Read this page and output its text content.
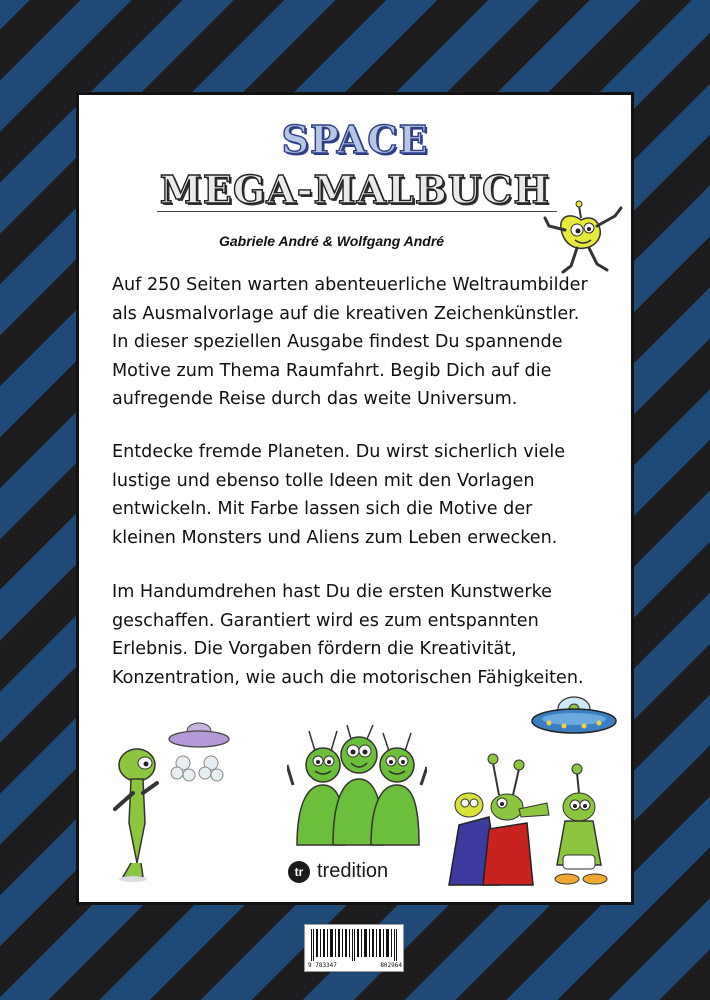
SPACE
MEGA-MALBUCH
Gabriele André & Wolfgang André

Auf 250 Seiten warten abenteuerliche Weltraumbilder
als Ausmalvorlage auf die kreativen Zeichenkünstler.
In dieser speziellen Ausgabe findest Du spannende
Motive zum Thema Raumfahrt. Begib Dich auf die
aufregende Reise durch das weite Universum.

Entdecke fremde Planeten. Du wirst sicherlich viele
lustige und ebenso tolle Ideen mit den Vorlagen
entwickeln. Mit Farbe lassen sich die Motive der
kleinen Monsters und Aliens zum Leben erwecken.

Im Handumdrehen hast Du die ersten Kunstwerke
geschaffen. Garantiert wird es zum entspannten
Erlebnis. Die Vorgaben fördern die Kreativität,
Konzentration, wie auch die motorischen Fähigkeiten.

tr tredition
9 783347	802964
